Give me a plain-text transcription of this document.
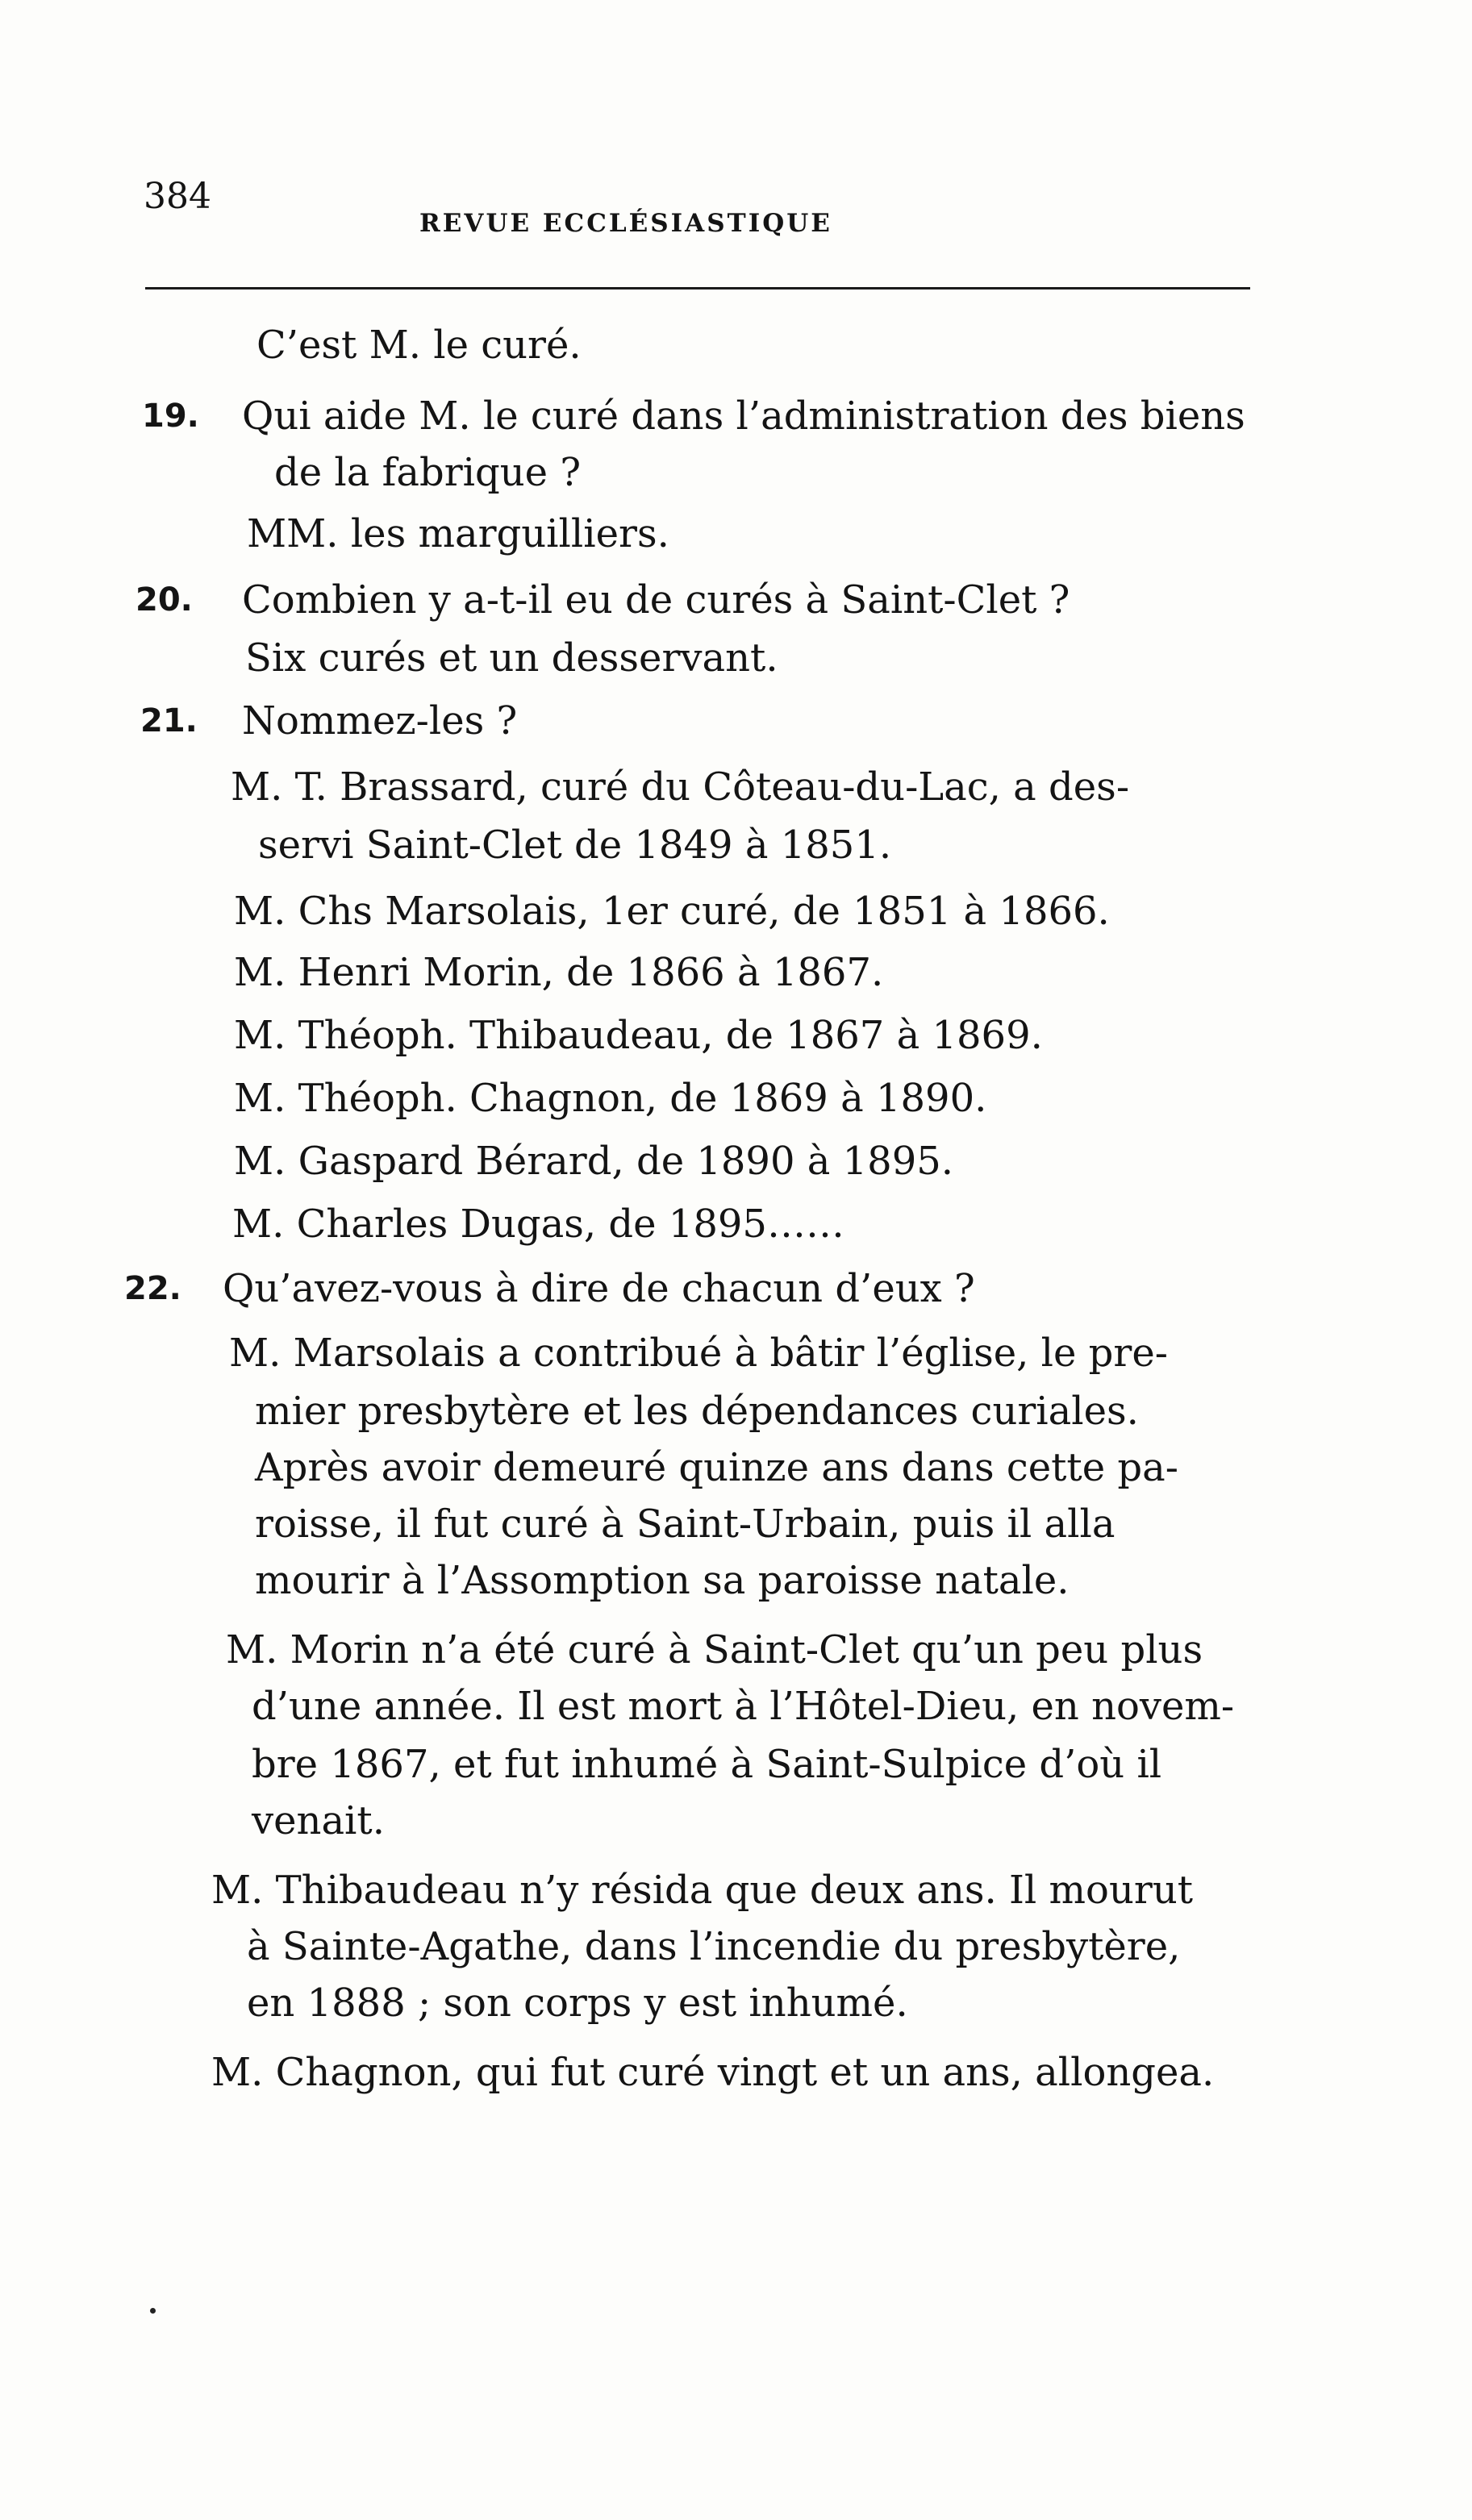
384
REVUE ECCLÉSIASTIQUE
C’est M. le curé.
19. Qui aide M. le curé dans l’administration des biens
de la fabrique ?
MM. les marguilliers.
20. Combien y a-t-il eu de curés à Saint-Clet ?
Six curés et un desservant.
21. Nommez-les ?
M. T. Brassard, curé du Côteau-du-Lac, a des-
servi Saint-Clet de 1849 à 1851.
M. Chs Marsolais, 1er curé, de 1851 à 1866.
M. Henri Morin, de 1866 à 1867.
M. Théoph. Thibaudeau, de 1867 à 1869.
M. Théoph. Chagnon, de 1869 à 1890.
M. Gaspard Bérard, de 1890 à 1895.
M. Charles Dugas, de 1895……
22. Qu’avez-vous à dire de chacun d’eux ?
M. Marsolais a contribué à bâtir l’église, le pre-
mier presbytère et les dépendances curiales.
Après avoir demeuré quinze ans dans cette pa-
roisse, il fut curé à Saint-Urbain, puis il alla
mourir à l’Assomption sa paroisse natale.
M. Morin n’a été curé à Saint-Clet qu’un peu plus
d’une année. Il est mort à l’Hôtel-Dieu, en novem-
bre 1867, et fut inhumé à Saint-Sulpice d’où il
venait.
M. Thibaudeau n’y résida que deux ans. Il mourut
à Sainte-Agathe, dans l’incendie du presbytère,
en 1888 ; son corps y est inhumé.
M. Chagnon, qui fut curé vingt et un ans, allongea.
